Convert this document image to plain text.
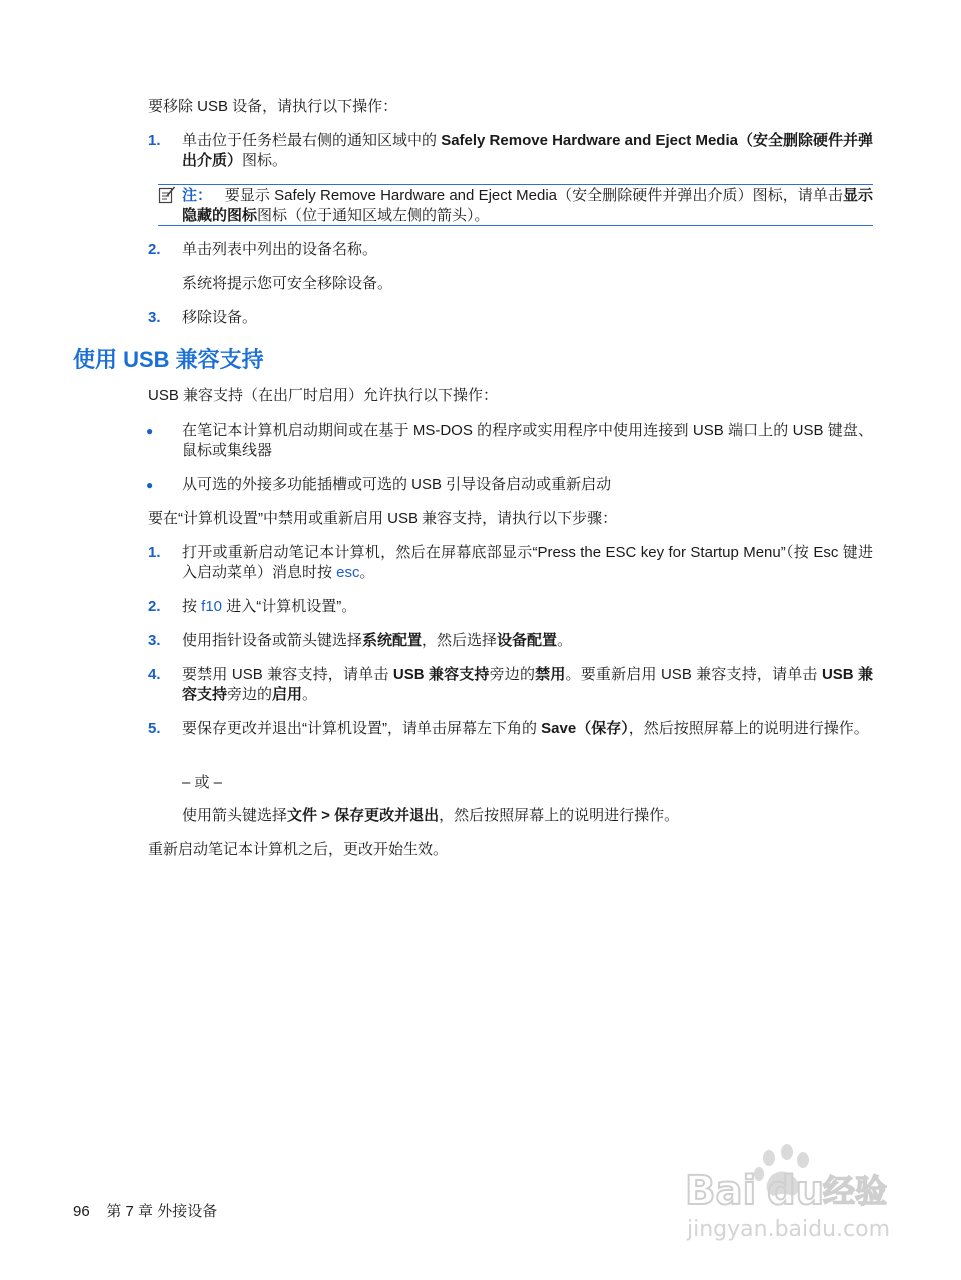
要移除 USB 设备，请执行以下操作：
1.	单击位于任务栏最右侧的通知区域中的 Safely Remove Hardware and Eject Media（安全删除硬件并弹出介质）图标。
注： 要显示 Safely Remove Hardware and Eject Media（安全删除硬件并弹出介质）图标，请单击显示隐藏的图标图标（位于通知区域左侧的箭头）。
2.	单击列表中列出的设备名称。
系统将提示您可安全移除设备。
3.	移除设备。
使用 USB 兼容支持
USB 兼容支持（在出厂时启用）允许执行以下操作：
●	在笔记本计算机启动期间或在基于 MS-DOS 的程序或实用程序中使用连接到 USB 端口上的 USB 键盘、鼠标或集线器
●	从可选的外接多功能插槽或可选的 USB 引导设备启动或重新启动
要在“计算机设置”中禁用或重新启用 USB 兼容支持，请执行以下步骤：
1.	打开或重新启动笔记本计算机，然后在屏幕底部显示“Press the ESC key for Startup Menu”（按 Esc 键进入启动菜单）消息时按 esc。
2.	按 f10 进入“计算机设置”。
3.	使用指针设备或箭头键选择系统配置，然后选择设备配置。
4.	要禁用 USB 兼容支持，请单击 USB 兼容支持旁边的禁用。要重新启用 USB 兼容支持，请单击 USB 兼容支持旁边的启用。
5.	要保存更改并退出“计算机设置”，请单击屏幕左下角的 Save（保存），然后按照屏幕上的说明进行操作。
– 或 –
使用箭头键选择文件 > 保存更改并退出，然后按照屏幕上的说明进行操作。
重新启动笔记本计算机之后，更改开始生效。
96 第 7 章 外接设备	Bai du
经验
jingyan.baidu.com
